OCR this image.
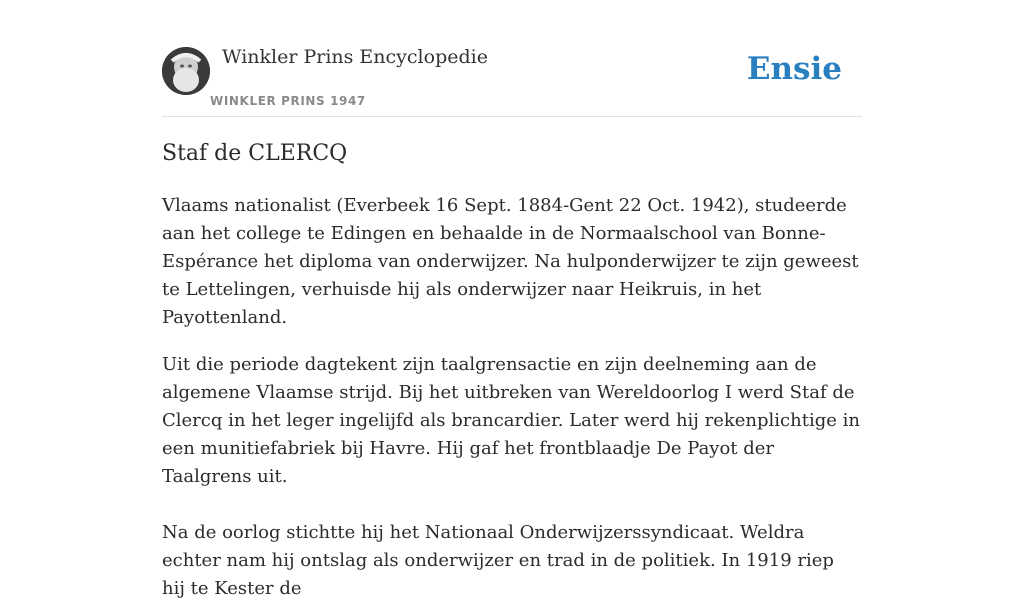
Winkler Prins Encyclopedie
WINKLER PRINS 1947
Ensie
Staf de CLERCQ

Vlaams nationalist (Everbeek 16 Sept. 1884-Gent 22 Oct. 1942), studeerde aan het college te Edingen en behaalde in de Normaalschool van Bonne-Espérance het diploma van onderwijzer. Na hulponderwijzer te zijn geweest te Lettelingen, verhuisde hij als onderwijzer naar Heikruis, in het Payottenland.

Uit die periode dagtekent zijn taalgrensactie en zijn deelneming aan de algemene Vlaamse strijd. Bij het uitbreken van Wereldoorlog I werd Staf de Clercq in het leger ingelijfd als brancardier. Later werd hij rekenplichtige in een munitiefabriek bij Havre. Hij gaf het frontblaadje De Payot der Taalgrens uit.

Na de oorlog stichtte hij het Nationaal Onderwijzerssyndicaat. Weldra echter nam hij ontslag als onderwijzer en trad in de politiek. In 1919 riep hij te Kester de
